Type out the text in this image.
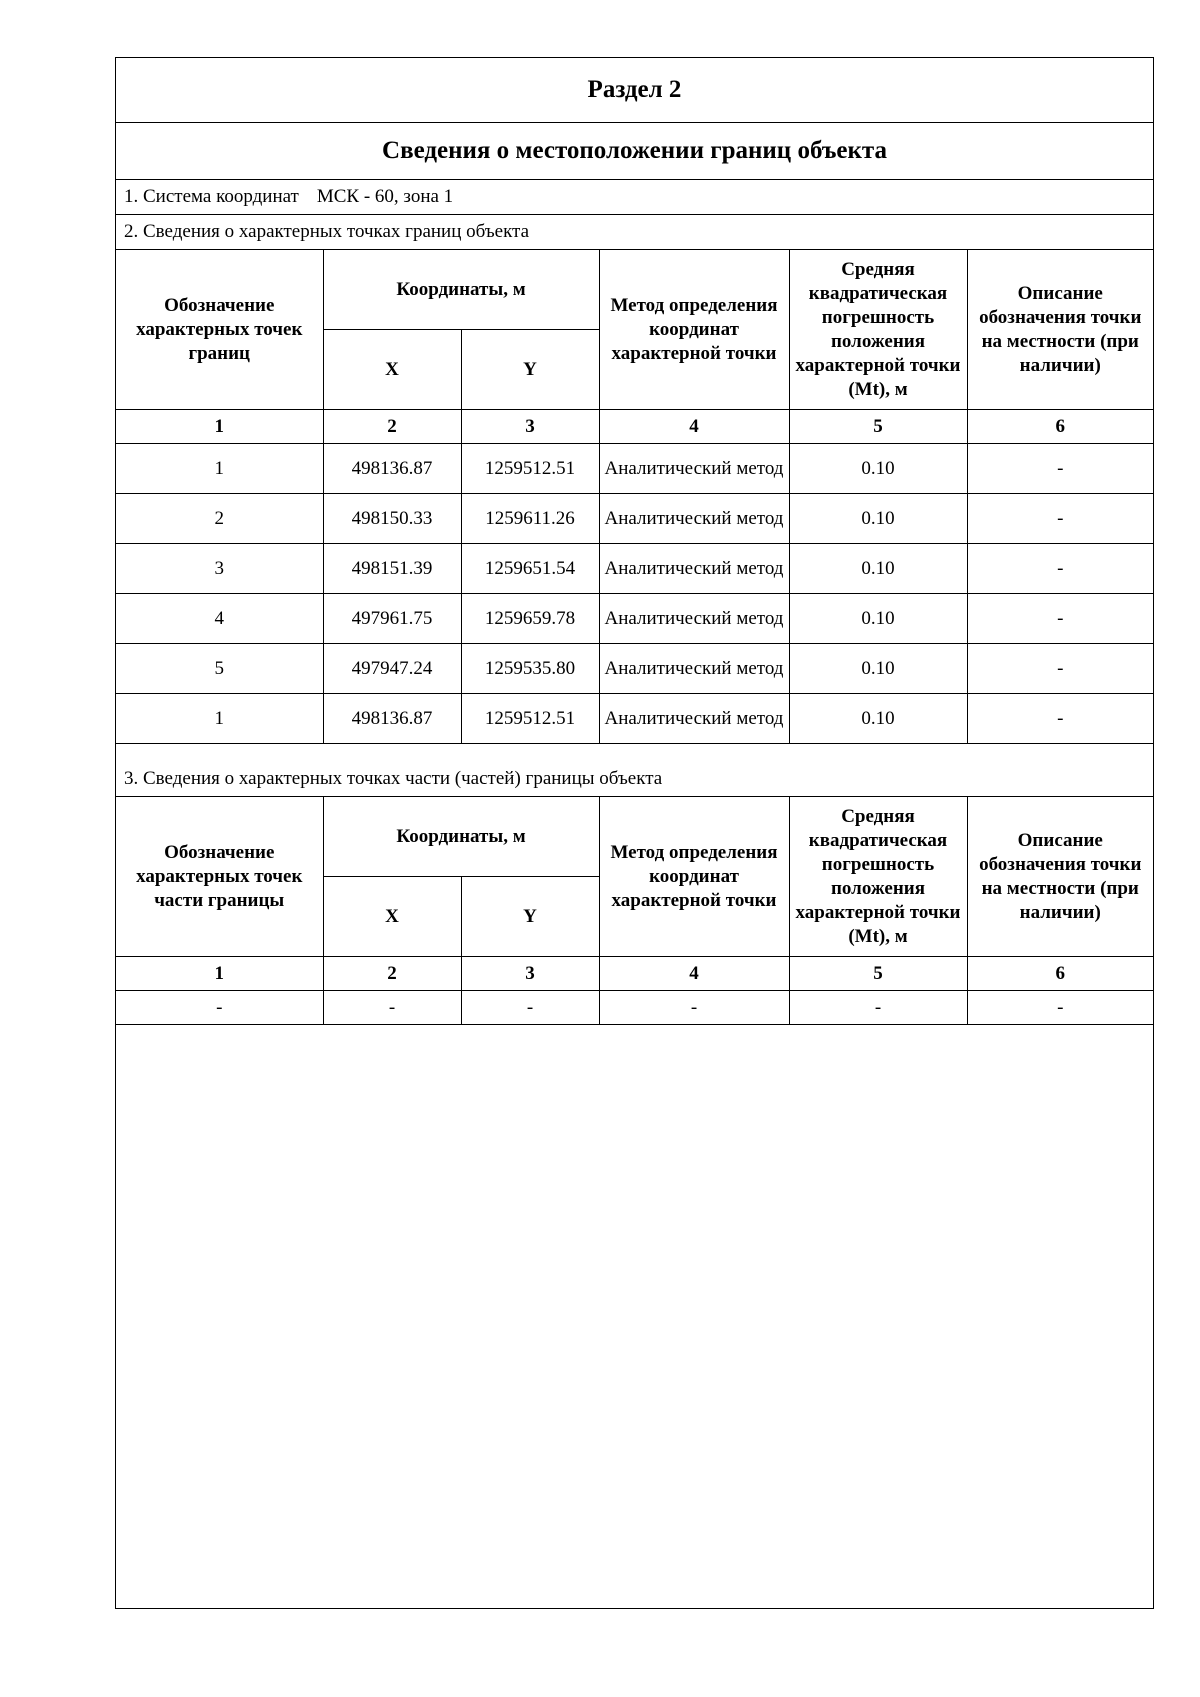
Раздел 2
Сведения о местоположении границ объекта
1. Система координат МСК - 60, зона 1
2. Сведения о характерных точках границ объекта
Обозначение характерных точек границ	Координаты, м		Метод определения координат характерной точки	Средняя квадратическая погрешность положения характерной точки (Mt), м	Описание обозначения точки на местности (при наличии)
	X	Y			
1	2	3	4	5	6
1	498136.87	1259512.51	Аналитический метод	0.10	-
2	498150.33	1259611.26	Аналитический метод	0.10	-
3	498151.39	1259651.54	Аналитический метод	0.10	-
4	497961.75	1259659.78	Аналитический метод	0.10	-
5	497947.24	1259535.80	Аналитический метод	0.10	-
1	498136.87	1259512.51	Аналитический метод	0.10	-
3. Сведения о характерных точках части (частей) границы объекта
Обозначение характерных точек части границы	Координаты, м		Метод определения координат характерной точки	Средняя квадратическая погрешность положения характерной точки (Mt), м	Описание обозначения точки на местности (при наличии)
	X	Y			
1	2	3	4	5	6
-	-	-	-	-	-
